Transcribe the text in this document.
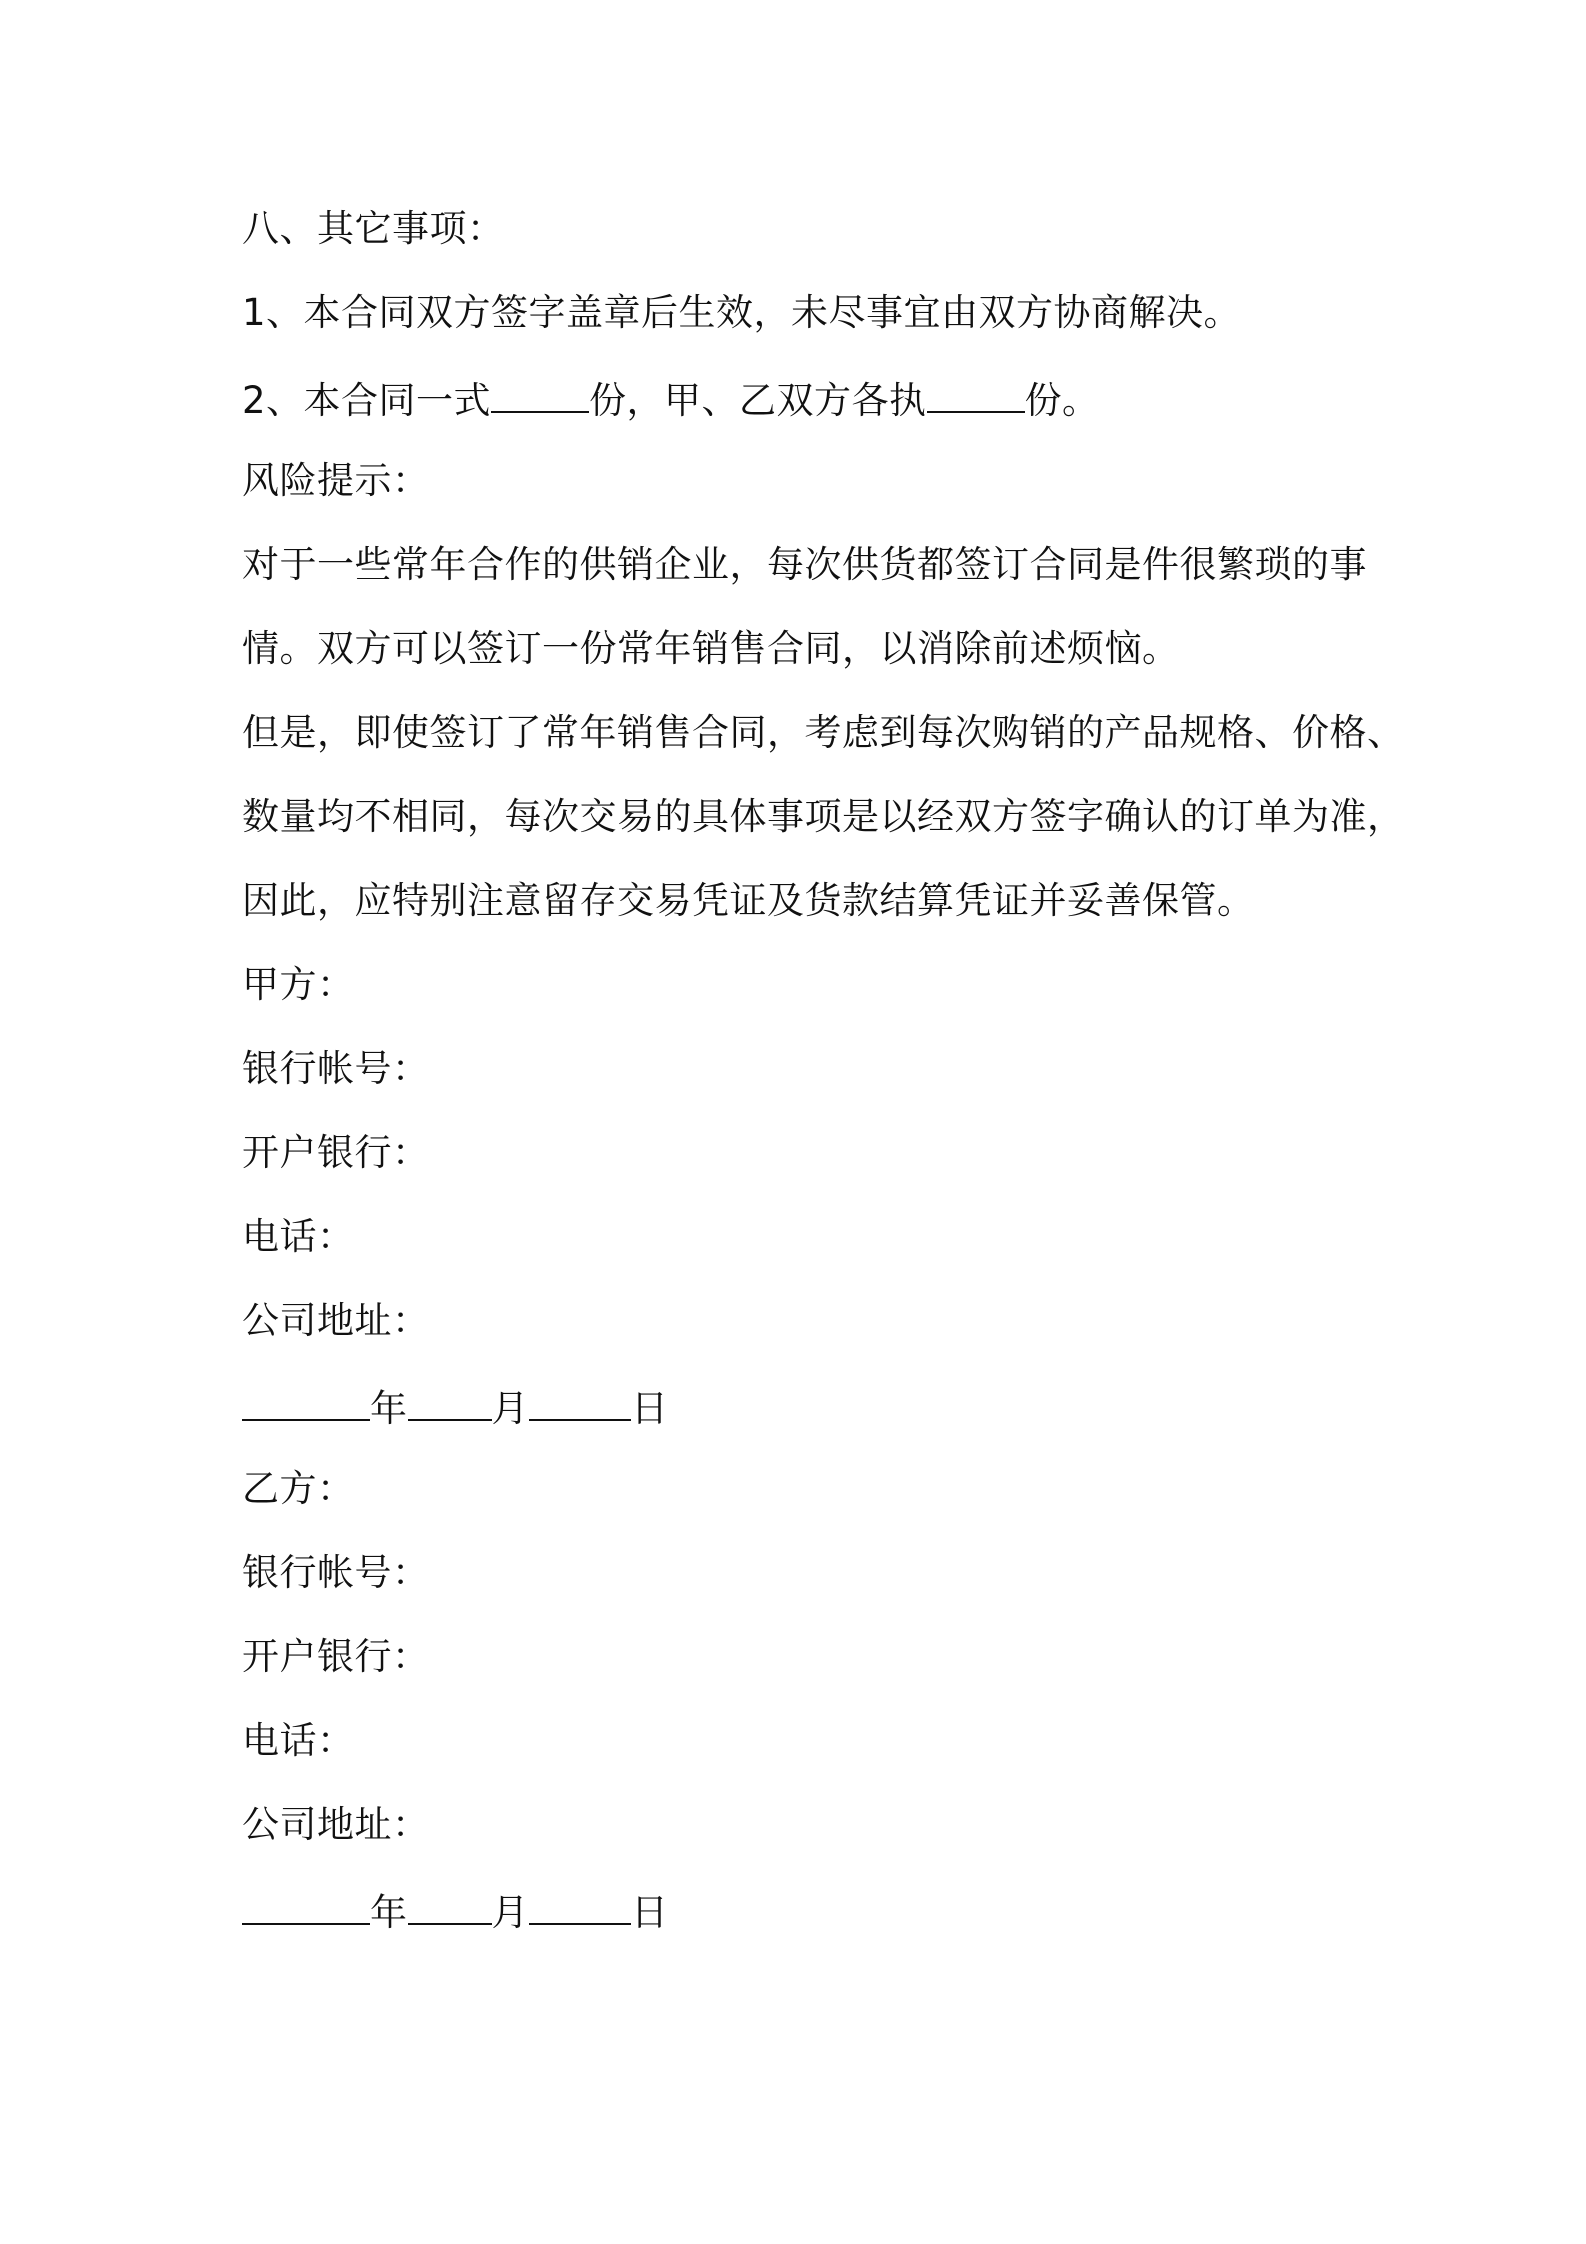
八、其它事项：
1、本合同双方签字盖章后生效，未尽事宜由双方协商解决。
2、本合同一式	份，甲、乙双方各执	份。
风险提示：
对于一些常年合作的供销企业，每次供货都签订合同是件很繁琐的事
情。双方可以签订一份常年销售合同，以消除前述烦恼。
但是，即使签订了常年销售合同，考虑到每次购销的产品规格、价格、
数量均不相同，每次交易的具体事项是以经双方签字确认的订单为准，
因此，应特别注意留存交易凭证及货款结算凭证并妥善保管。
甲方：
银行帐号：
开户银行：
电话：
公司地址：
年 月	日
乙方：
银行帐号：
开户银行：
电话：
公司地址：
年 月	日
